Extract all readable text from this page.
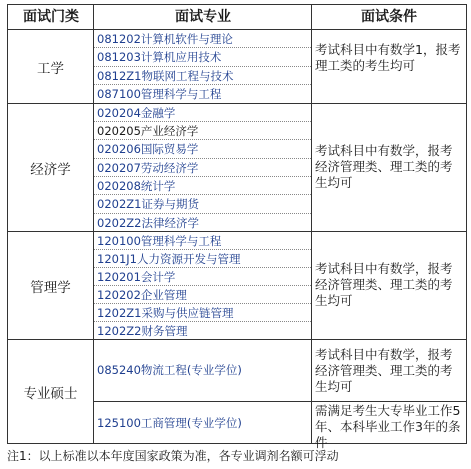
面试门类	面试专业	面试条件
工学
经济学
管理学
专业硕士
081202计算机软件与理论
081203计算机应用技术
0812Z1物联网工程与技术
087100管理科学与工程
020204金融学
020205产业经济学
020206国际贸易学
020207劳动经济学
020208统计学
0202Z1证券与期货
0202Z2法律经济学
120100管理科学与工程
1201J1人力资源开发与管理
120201会计学
120202企业管理
1202Z1采购与供应链管理
1202Z2财务管理
085240物流工程(专业学位)
125100工商管理(专业学位)
考试科目中有数学1，报考理工类的考生均可
考试科目中有数学，报考经济管理类、理工类的考生均可
考试科目中有数学，报考经济管理类、理工类的考生均可
考试科目中有数学，报考经济管理类、理工类的考生均可
需满足考生大专毕业工作5年、本科毕业工作3年的条件
注1：以上标准以本年度国家政策为准，各专业调剂名额可浮动
